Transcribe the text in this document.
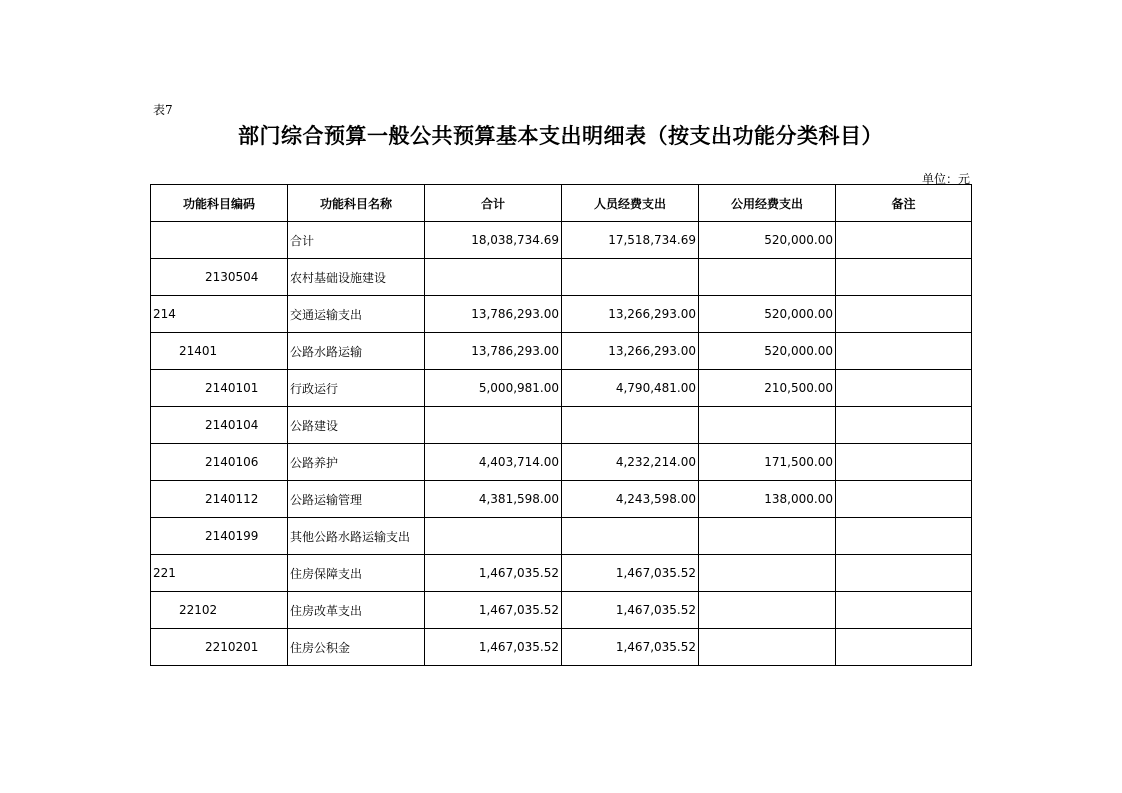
表7
部门综合预算一般公共预算基本支出明细表（按支出功能分类科目）
单位：元
功能科目编码	功能科目名称	合计	人员经费支出	公用经费支出	备注
	合计	18,038,734.69	17,518,734.69	520,000.00	
2130504	农村基础设施建设				
214	交通运输支出	13,786,293.00	13,266,293.00	520,000.00	
21401	公路水路运输	13,786,293.00	13,266,293.00	520,000.00	
2140101	行政运行	5,000,981.00	4,790,481.00	210,500.00	
2140104	公路建设				
2140106	公路养护	4,403,714.00	4,232,214.00	171,500.00	
2140112	公路运输管理	4,381,598.00	4,243,598.00	138,000.00	
2140199	其他公路水路运输支出				
221	住房保障支出	1,467,035.52	1,467,035.52		
22102	住房改革支出	1,467,035.52	1,467,035.52		
2210201	住房公积金	1,467,035.52	1,467,035.52		
